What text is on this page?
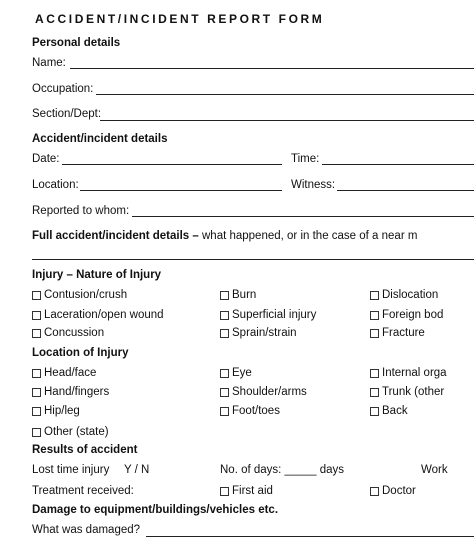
ACCIDENT/INCIDENT REPORT FORM
Personal details
Name:
Occupation:
Section/Dept:
Accident/incident details
Date:	Time:
Location:	Witness:
Reported to whom:
Full accident/incident details – what happened, or in the case of a near m
Injury – Nature of Injury
Contusion/crush	Burn	Dislocation
Laceration/open wound	Superficial injury	Foreign bod
Concussion	Sprain/strain	Fracture
Location of Injury
Head/face	Eye	Internal orga
Hand/fingers	Shoulder/arms	Trunk (other
Hip/leg	Foot/toes	Back
Other (state)
Results of accident
Lost time injury Y / N	No. of days: _____ days	Work
Treatment received:	First aid	Doctor
Damage to equipment/buildings/vehicles etc.
What was damaged?
